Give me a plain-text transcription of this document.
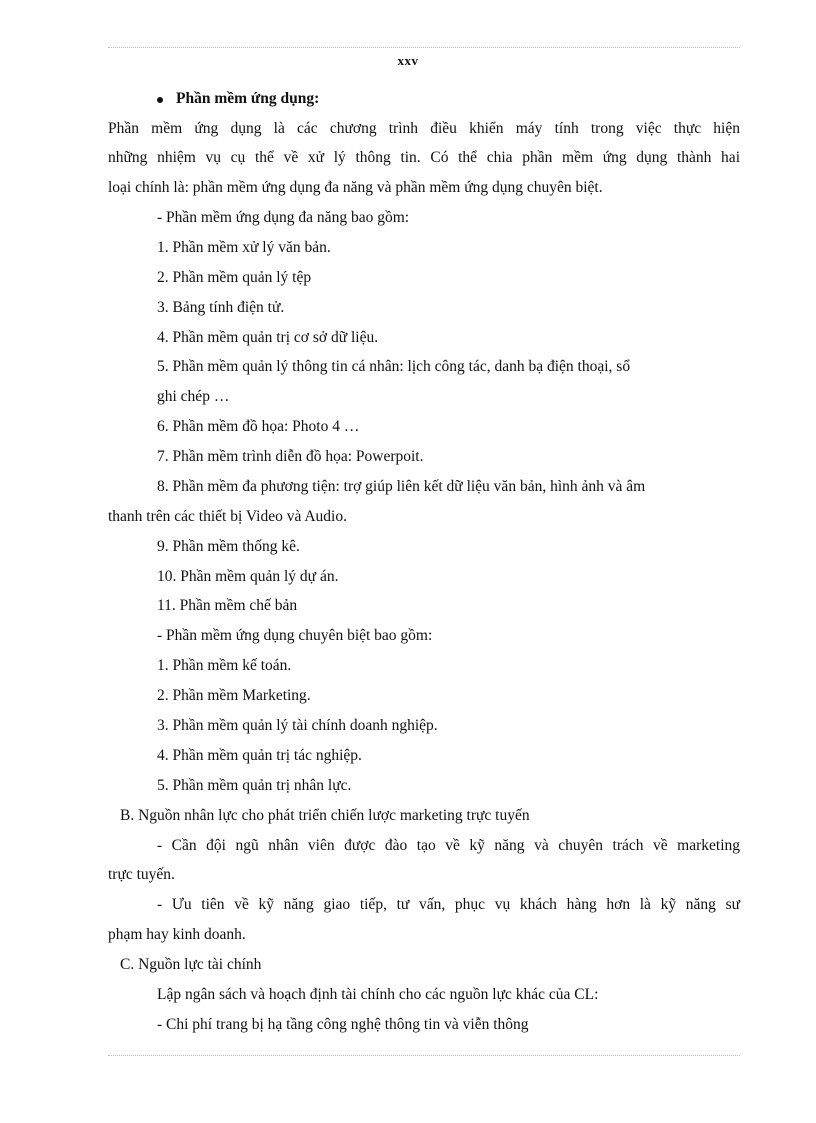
xxv
Phần mềm ứng dụng:
Phần mềm ứng dụng là các chương trình điều khiển máy tính trong việc thực hiện
những nhiệm vụ cụ thể về xử lý thông tin. Có thể chia phần mềm ứng dụng thành hai
loại chính là: phần mềm ứng dụng đa năng và phần mềm ứng dụng chuyên biệt.
- Phần mềm ứng dụng đa năng bao gồm:
1. Phần mềm xử lý văn bản.
2. Phần mềm quản lý tệp
3. Bảng tính điện tử.
4. Phần mềm quản trị cơ sở dữ liệu.
5. Phần mềm quản lý thông tin cá nhân: lịch công tác, danh bạ điện thoại, sổ
ghi chép …
6. Phần mềm đồ họa: Photo 4 …
7. Phần mềm trình diễn đồ họa: Powerpoit.
8. Phần mềm đa phương tiện: trợ giúp liên kết dữ liệu văn bản, hình ảnh và âm
thanh trên các thiết bị Video và Audio.
9. Phần mềm thống kê.
10. Phần mềm quản lý dự án.
11. Phần mềm chế bản
- Phần mềm ứng dụng chuyên biệt bao gồm:
1. Phần mềm kế toán.
2. Phần mềm Marketing.
3. Phần mềm quản lý tài chính doanh nghiệp.
4. Phần mềm quản trị tác nghiệp.
5. Phần mềm quản trị nhân lực.
B. Nguồn nhân lực cho phát triển chiến lược marketing trực tuyến
- Cần đội ngũ nhân viên được đào tạo về kỹ năng và chuyên trách về marketing
trực tuyến.
- Ưu tiên về kỹ năng giao tiếp, tư vấn, phục vụ khách hàng hơn là kỹ năng sư
phạm hay kinh doanh.
C. Nguồn lực tài chính
Lập ngân sách và hoạch định tài chính cho các nguồn lực khác của CL:
- Chi phí trang bị hạ tầng công nghệ thông tin và viễn thông
